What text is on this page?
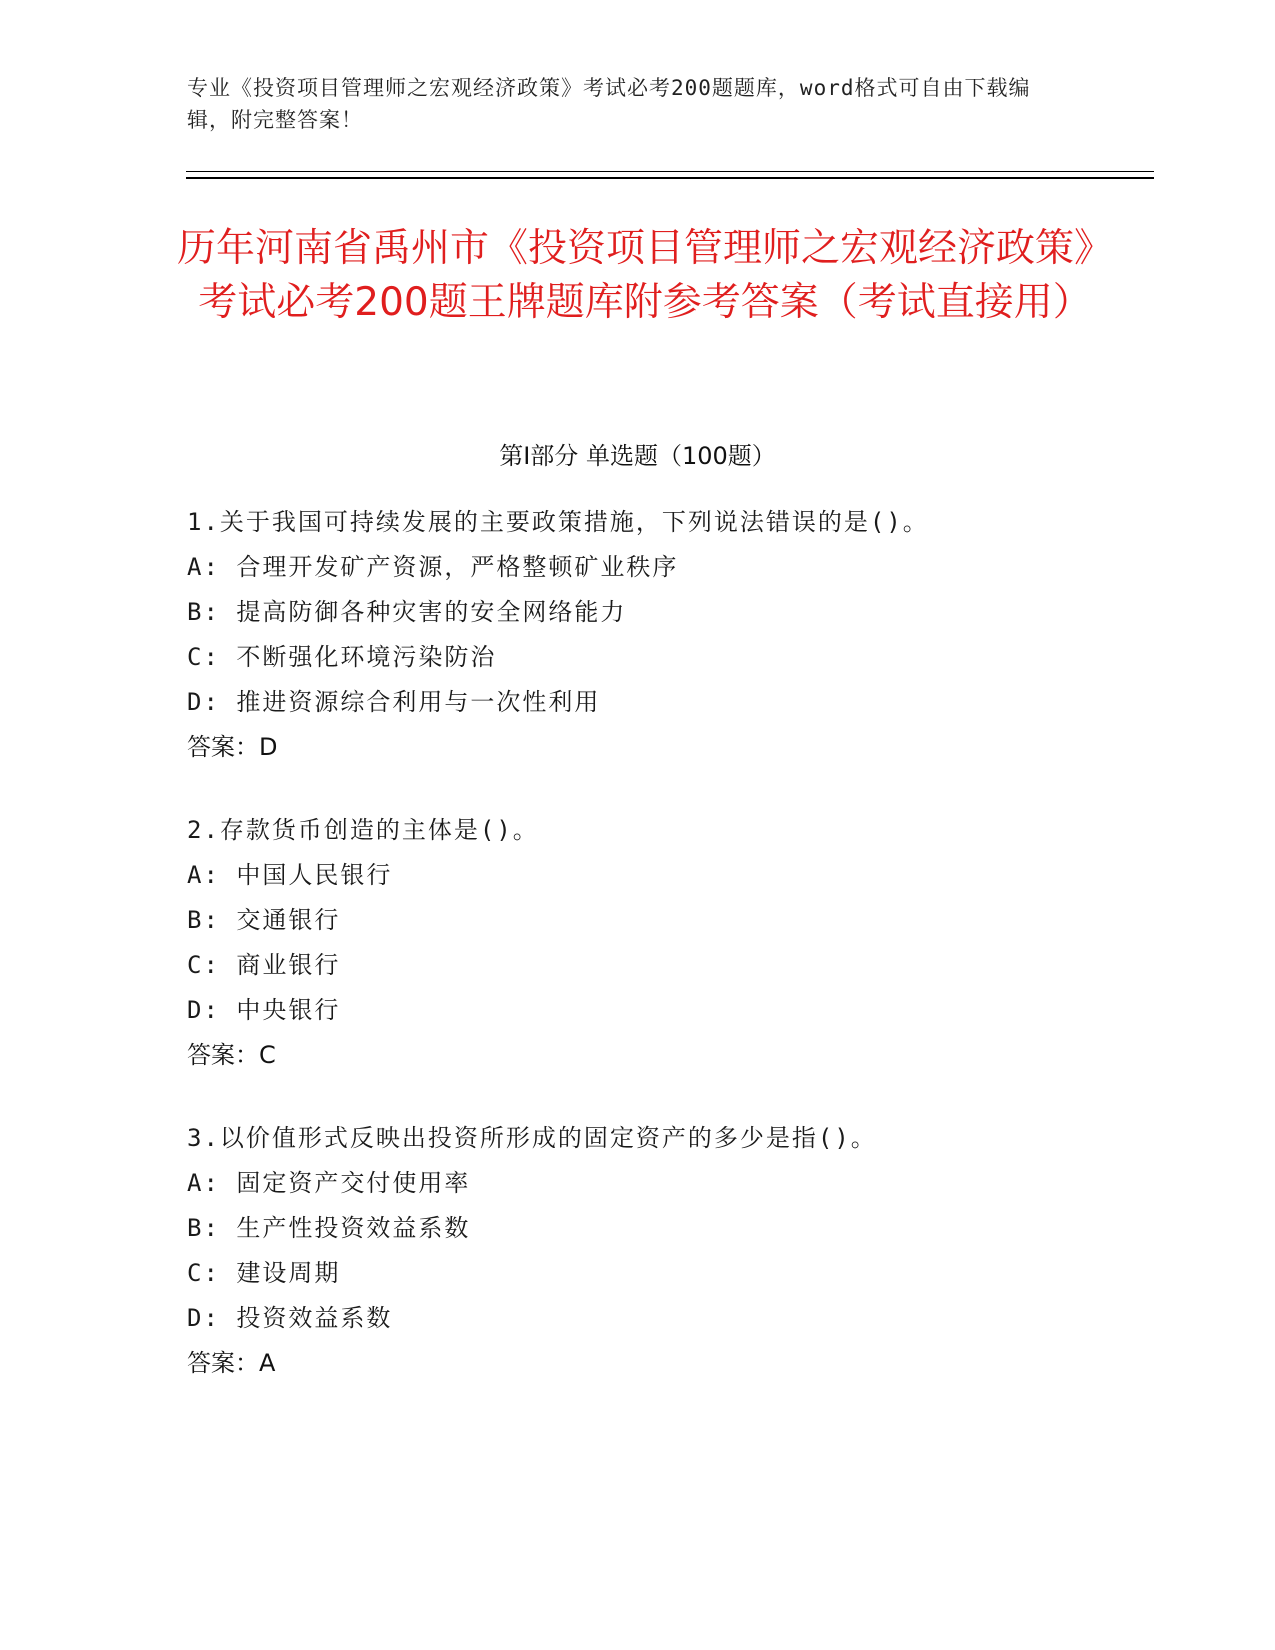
专业《投资项目管理师之宏观经济政策》考试必考200题题库，word格式可自由下载编辑，附完整答案！

历年河南省禹州市《投资项目管理师之宏观经济政策》考试必考200题王牌题库附参考答案（考试直接用）
第I部分 单选题（100题）
1.关于我国可持续发展的主要政策措施，下列说法错误的是()。
A: 合理开发矿产资源，严格整顿矿业秩序
B: 提高防御各种灾害的安全网络能力
C: 不断强化环境污染防治
D: 推进资源综合利用与一次性利用
答案：D
2.存款货币创造的主体是()。
A: 中国人民银行
B: 交通银行
C: 商业银行
D: 中央银行
答案：C
3.以价值形式反映出投资所形成的固定资产的多少是指()。
A: 固定资产交付使用率
B: 生产性投资效益系数
C: 建设周期
D: 投资效益系数
答案：A
